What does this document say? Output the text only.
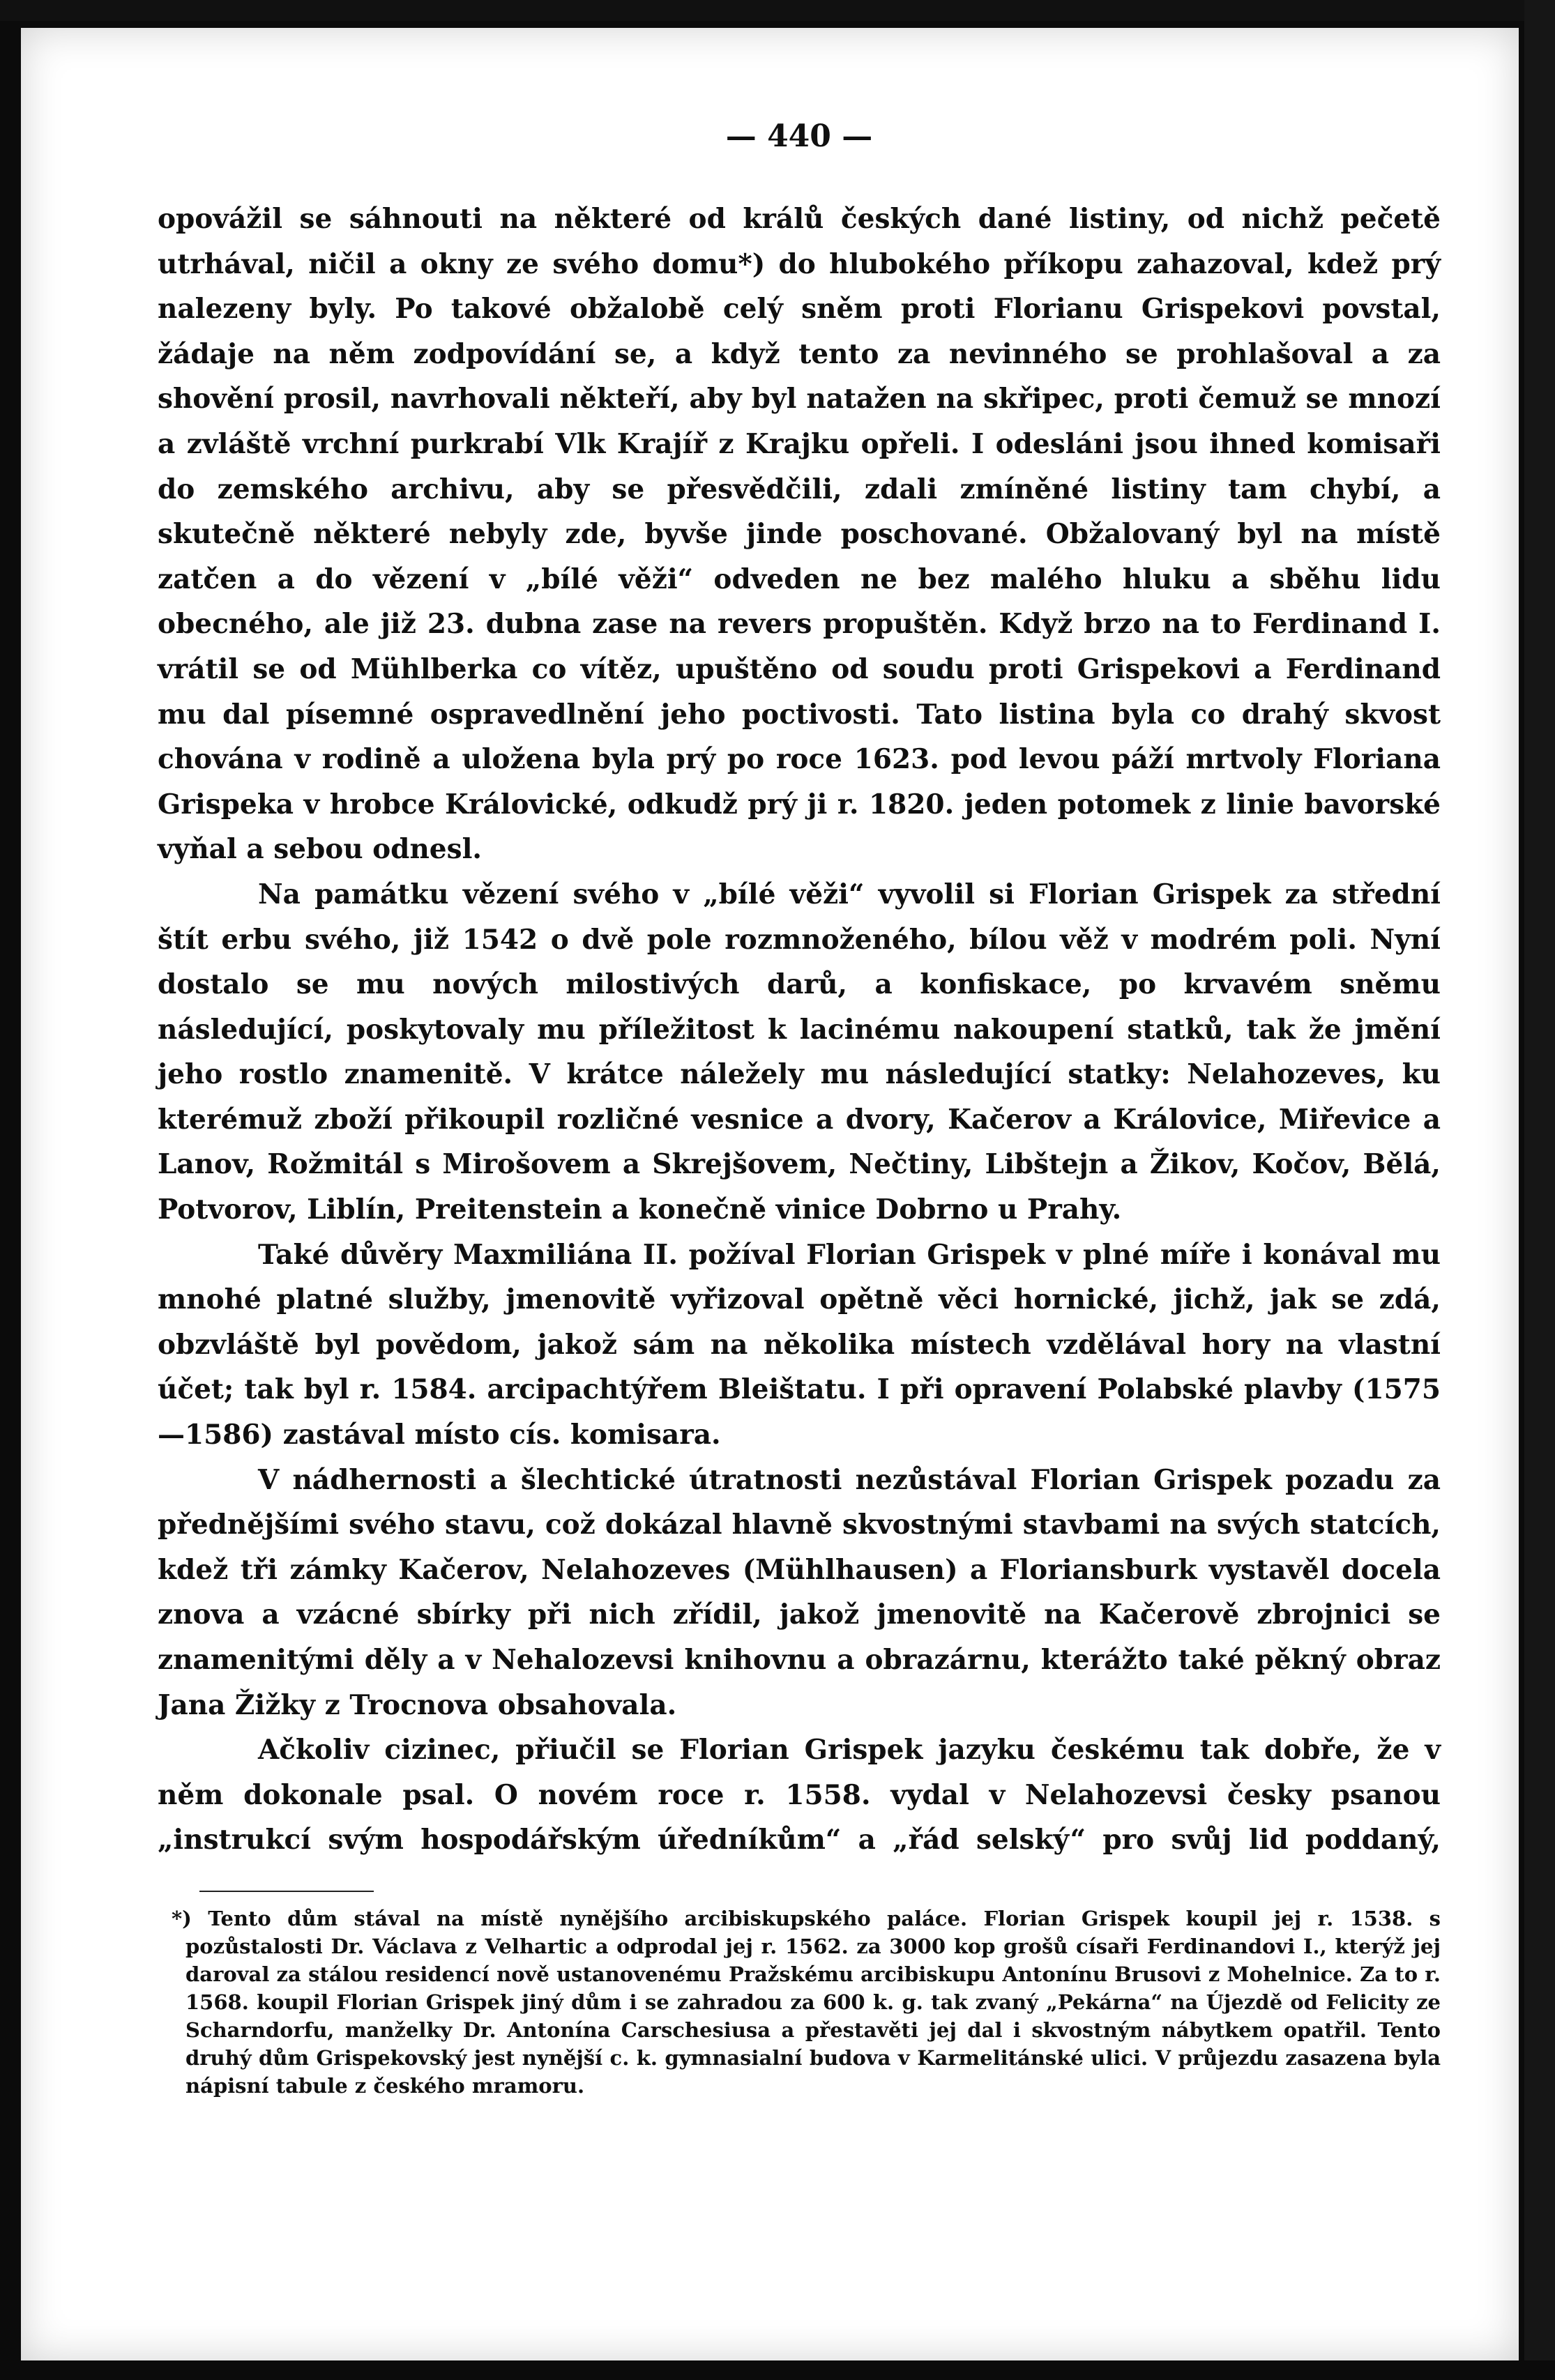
— 440 —

opovážil se sáhnouti na některé od králů českých dané listiny, od nichž pečetě utrhával, ničil a okny ze svého domu*) do hlubokého příkopu zahazoval, kdež prý nalezeny byly. Po takové obžalobě celý sněm proti Florianu Grispekovi povstal, žádaje na něm zodpovídání se, a když tento za nevinného se prohlašoval a za shovění prosil, navrhovali někteří, aby byl natažen na skřipec, proti čemuž se mnozí a zvláště vrchní purkrabí Vlk Krajíř z Krajku opřeli. I odesláni jsou ihned komisaři do zemského archivu, aby se přesvědčili, zdali zmíněné listiny tam chybí, a skutečně některé nebyly zde, byvše jinde poschované. Obžalovaný byl na místě zatčen a do vězení v „bílé věži“ odveden ne bez malého hluku a sběhu lidu obecného, ale již 23. dubna zase na revers propuštěn. Když brzo na to Ferdinand I. vrátil se od Mühlberka co vítěz, upuštěno od soudu proti Grispekovi a Ferdinand mu dal písemné ospravedlnění jeho poctivosti. Tato listina byla co drahý skvost chována v rodině a uložena byla prý po roce 1623. pod levou páží mrtvoly Floriana Grispeka v hrobce Královické, odkudž prý ji r. 1820. jeden potomek z linie bavorské vyňal a sebou odnesl.

Na památku vězení svého v „bílé věži“ vyvolil si Florian Grispek za střední štít erbu svého, již 1542 o dvě pole rozmnoženého, bílou věž v modrém poli. Nyní dostalo se mu nových milostivých darů, a konfiskace, po krvavém sněmu následující, poskytovaly mu příležitost k lacinému nakoupení statků, tak že jmění jeho rostlo znamenitě. V krátce náležely mu následující statky: Nelahozeves, ku kterémuž zboží přikoupil rozličné vesnice a dvory, Kačerov a Královice, Miřevice a Lanov, Rožmitál s Mirošovem a Skrejšovem, Nečtiny, Libštejn a Žikov, Kočov, Bělá, Potvorov, Liblín, Preitenstein a konečně vinice Dobrno u Prahy.

Také důvěry Maxmiliána II. požíval Florian Grispek v plné míře i konával mu mnohé platné služby, jmenovitě vyřizoval opětně věci hornické, jichž, jak se zdá, obzvláště byl povědom, jakož sám na několika místech vzdělával hory na vlastní účet; tak byl r. 1584. arcipachtýřem Bleištatu. I při opravení Polabské plavby (1575—1586) zastával místo cís. komisara.

V nádhernosti a šlechtické útratnosti nezůstával Florian Grispek pozadu za přednějšími svého stavu, což dokázal hlavně skvostnými stavbami na svých statcích, kdež tři zámky Kačerov, Nelahozeves (Mühlhausen) a Floriansburk vystavěl docela znova a vzácné sbírky při nich zřídil, jakož jmenovitě na Kačerově zbrojnici se znamenitými děly a v Nehalozevsi knihovnu a obrazárnu, kterážto také pěkný obraz Jana Žižky z Trocnova obsahovala.

Ačkoliv cizinec, přiučil se Florian Grispek jazyku českému tak dobře, že v něm dokonale psal. O novém roce r. 1558. vydal v Nelahozevsi česky psanou „instrukcí svým hospodářským úředníkům“ a „řád selský“ pro svůj lid poddaný,

*) Tento dům stával na místě nynějšího arcibiskupského paláce. Florian Grispek koupil jej r. 1538. s pozůstalosti Dr. Václava z Velhartic a odprodal jej r. 1562. za 3000 kop grošů císaři Ferdinandovi I., kterýž jej daroval za stálou residencí nově ustanovenému Pražskému arcibiskupu Antonínu Brusovi z Mohelnice. Za to r. 1568. koupil Florian Grispek jiný dům i se zahradou za 600 k. g. tak zvaný „Pekárna“ na Újezdě od Felicity ze Scharndorfu, manželky Dr. Antonína Carschesiusa a přestavěti jej dal i skvostným nábytkem opatřil. Tento druhý dům Grispekovský jest nynější c. k. gymnasialní budova v Karmelitánské ulici. V průjezdu zasazena byla nápisní tabule z českého mramoru.
